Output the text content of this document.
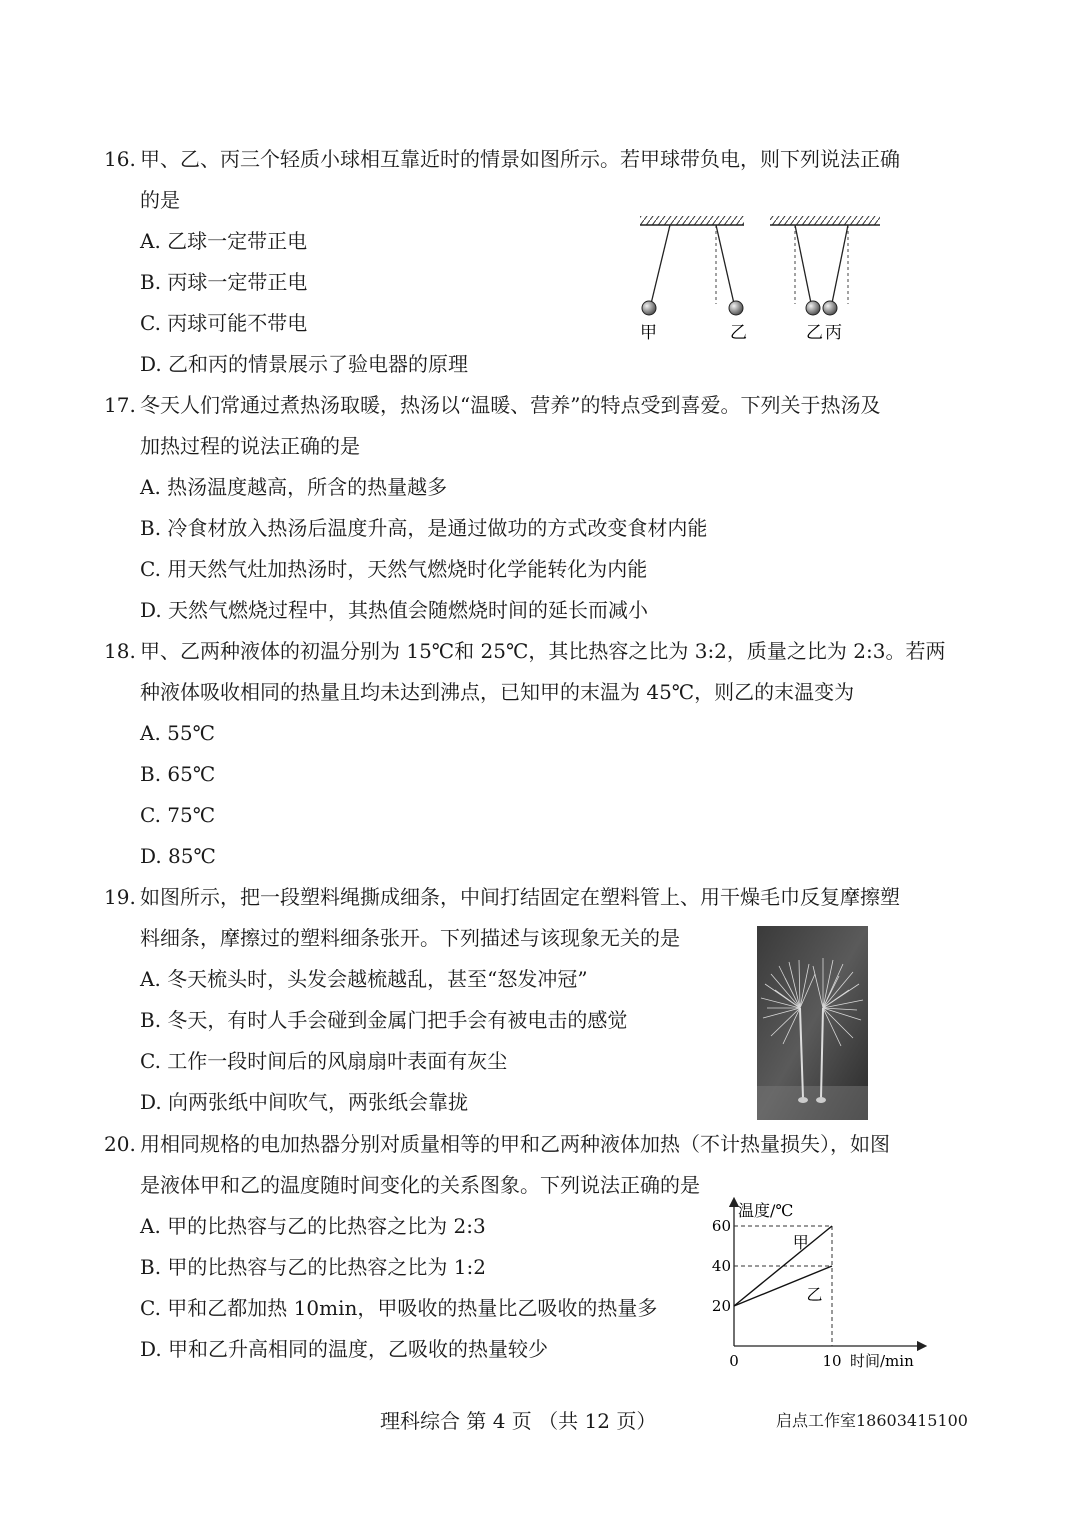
16. 甲、乙、丙三个轻质小球相互靠近时的情景如图所示。若甲球带负电，则下列说法正确
的是
A. 乙球一定带正电
B. 丙球一定带正电
C. 丙球可能不带电
D. 乙和丙的情景展示了验电器的原理
甲	乙	乙 丙
17. 冬天人们常通过煮热汤取暖，热汤以“温暖、营养”的特点受到喜爱。下列关于热汤及
加热过程的说法正确的是
A. 热汤温度越高，所含的热量越多
B. 冷食材放入热汤后温度升高，是通过做功的方式改变食材内能
C. 用天然气灶加热汤时，天然气燃烧时化学能转化为内能
D. 天然气燃烧过程中，其热值会随燃烧时间的延长而减小
18. 甲、乙两种液体的初温分别为 15℃和 25℃，其比热容之比为 3:2，质量之比为 2:3。若两
种液体吸收相同的热量且均未达到沸点，已知甲的末温为 45℃，则乙的末温变为
A. 55℃
B. 65℃
C. 75℃
D. 85℃
19. 如图所示，把一段塑料绳撕成细条，中间打结固定在塑料管上、用干燥毛巾反复摩擦塑
料细条，摩擦过的塑料细条张开。下列描述与该现象无关的是
A. 冬天梳头时，头发会越梳越乱，甚至“怒发冲冠”
B. 冬天，有时人手会碰到金属门把手会有被电击的感觉
C. 工作一段时间后的风扇扇叶表面有灰尘
D. 向两张纸中间吹气，两张纸会靠拢
20. 用相同规格的电加热器分别对质量相等的甲和乙两种液体加热（不计热量损失），如图
是液体甲和乙的温度随时间变化的关系图象。下列说法正确的是
A. 甲的比热容与乙的比热容之比为 2:3
B. 甲的比热容与乙的比热容之比为 1:2
C. 甲和乙都加热 10min，甲吸收的热量比乙吸收的热量多
D. 甲和乙升高相同的温度，乙吸收的热量较少
温度/℃
时间/min
0	10
20
40
60
甲
乙
理科综合 第 4 页 （共 12 页）	启点工作室18603415100
